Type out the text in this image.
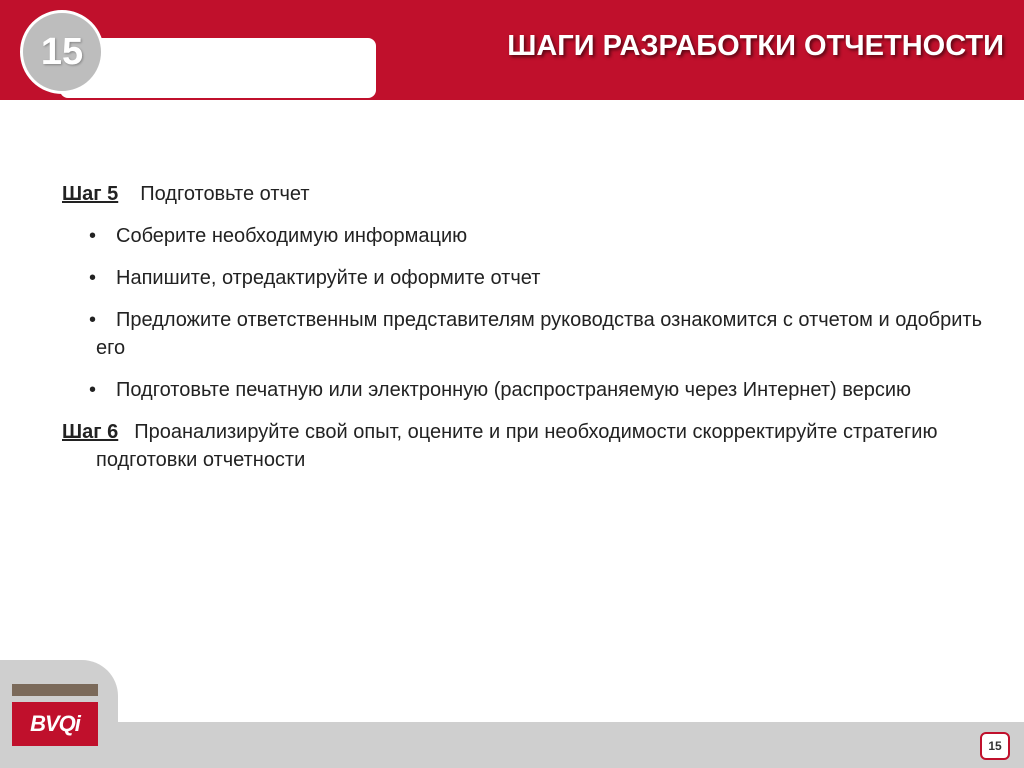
15	ШАГИ РАЗРАБОТКИ ОТЧЕТНОСТИ
Шаг 5 Подготовьте отчет
• Соберите необходимую информацию
• Напишите, отредактируйте и оформите отчет
• Предложите ответственным представителям руководства ознакомится с отчетом и одобрить его
• Подготовьте печатную или электронную (распространяемую через Интернет) версию
Шаг 6 Проанализируйте свой опыт, оцените и при необходимости скорректируйте стратегию подготовки отчетности
BVQi
15
